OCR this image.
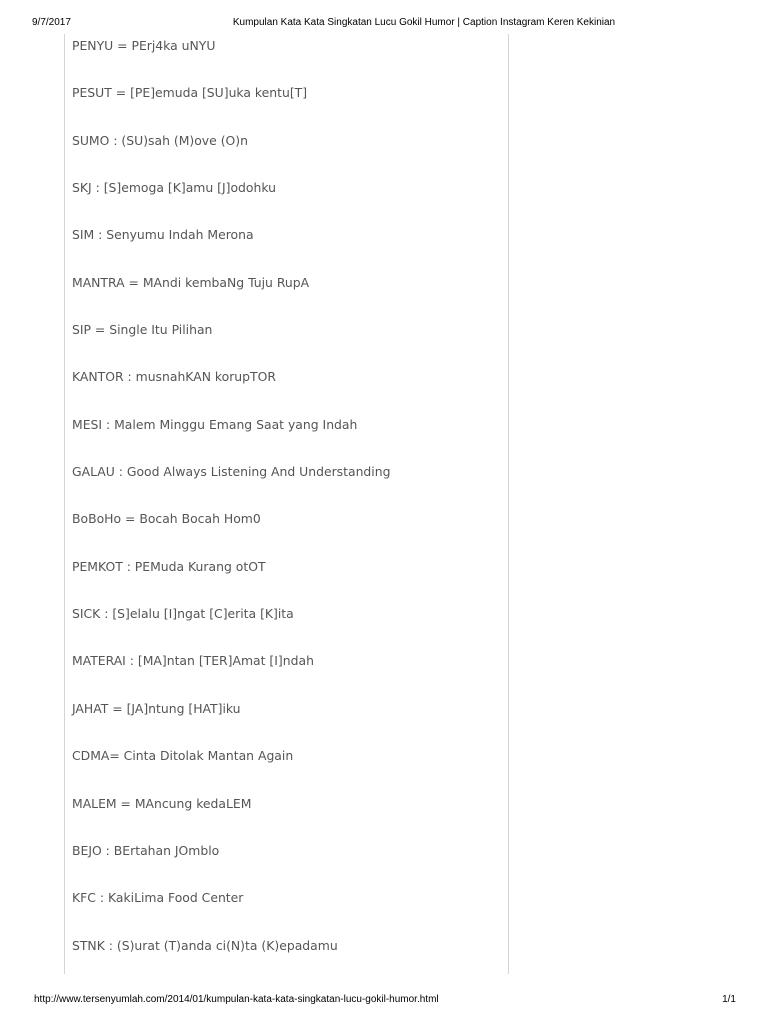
9/7/2017	Kumpulan Kata Kata Singkatan Lucu Gokil Humor | Caption Instagram Keren Kekinian
PENYU = PErj4ka uNYU
PESUT = [PE]emuda [SU]uka kentu[T]
SUMO : (SU)sah (M)ove (O)n
SKJ : [S]emoga [K]amu [J]odohku
SIM : Senyumu Indah Merona
MANTRA = MAndi kembaNg Tuju RupA
SIP = Single Itu Pilihan
KANTOR : musnahKAN korupTOR
MESI : Malem Minggu Emang Saat yang Indah
GALAU : Good Always Listening And Understanding
BoBoHo = Bocah Bocah Hom0
PEMKOT : PEMuda Kurang otOT
SICK : [S]elalu [I]ngat [C]erita [K]ita
MATERAI : [MA]ntan [TER]Amat [I]ndah
JAHAT = [JA]ntung [HAT]iku
CDMA= Cinta Ditolak Mantan Again
MALEM = MAncung kedaLEM
BEJO : BErtahan JOmblo
KFC : KakiLima Food Center
STNK : (S)urat (T)anda ci(N)ta (K)epadamu
http://www.tersenyumlah.com/2014/01/kumpulan-kata-kata-singkatan-lucu-gokil-humor.html	1/1
